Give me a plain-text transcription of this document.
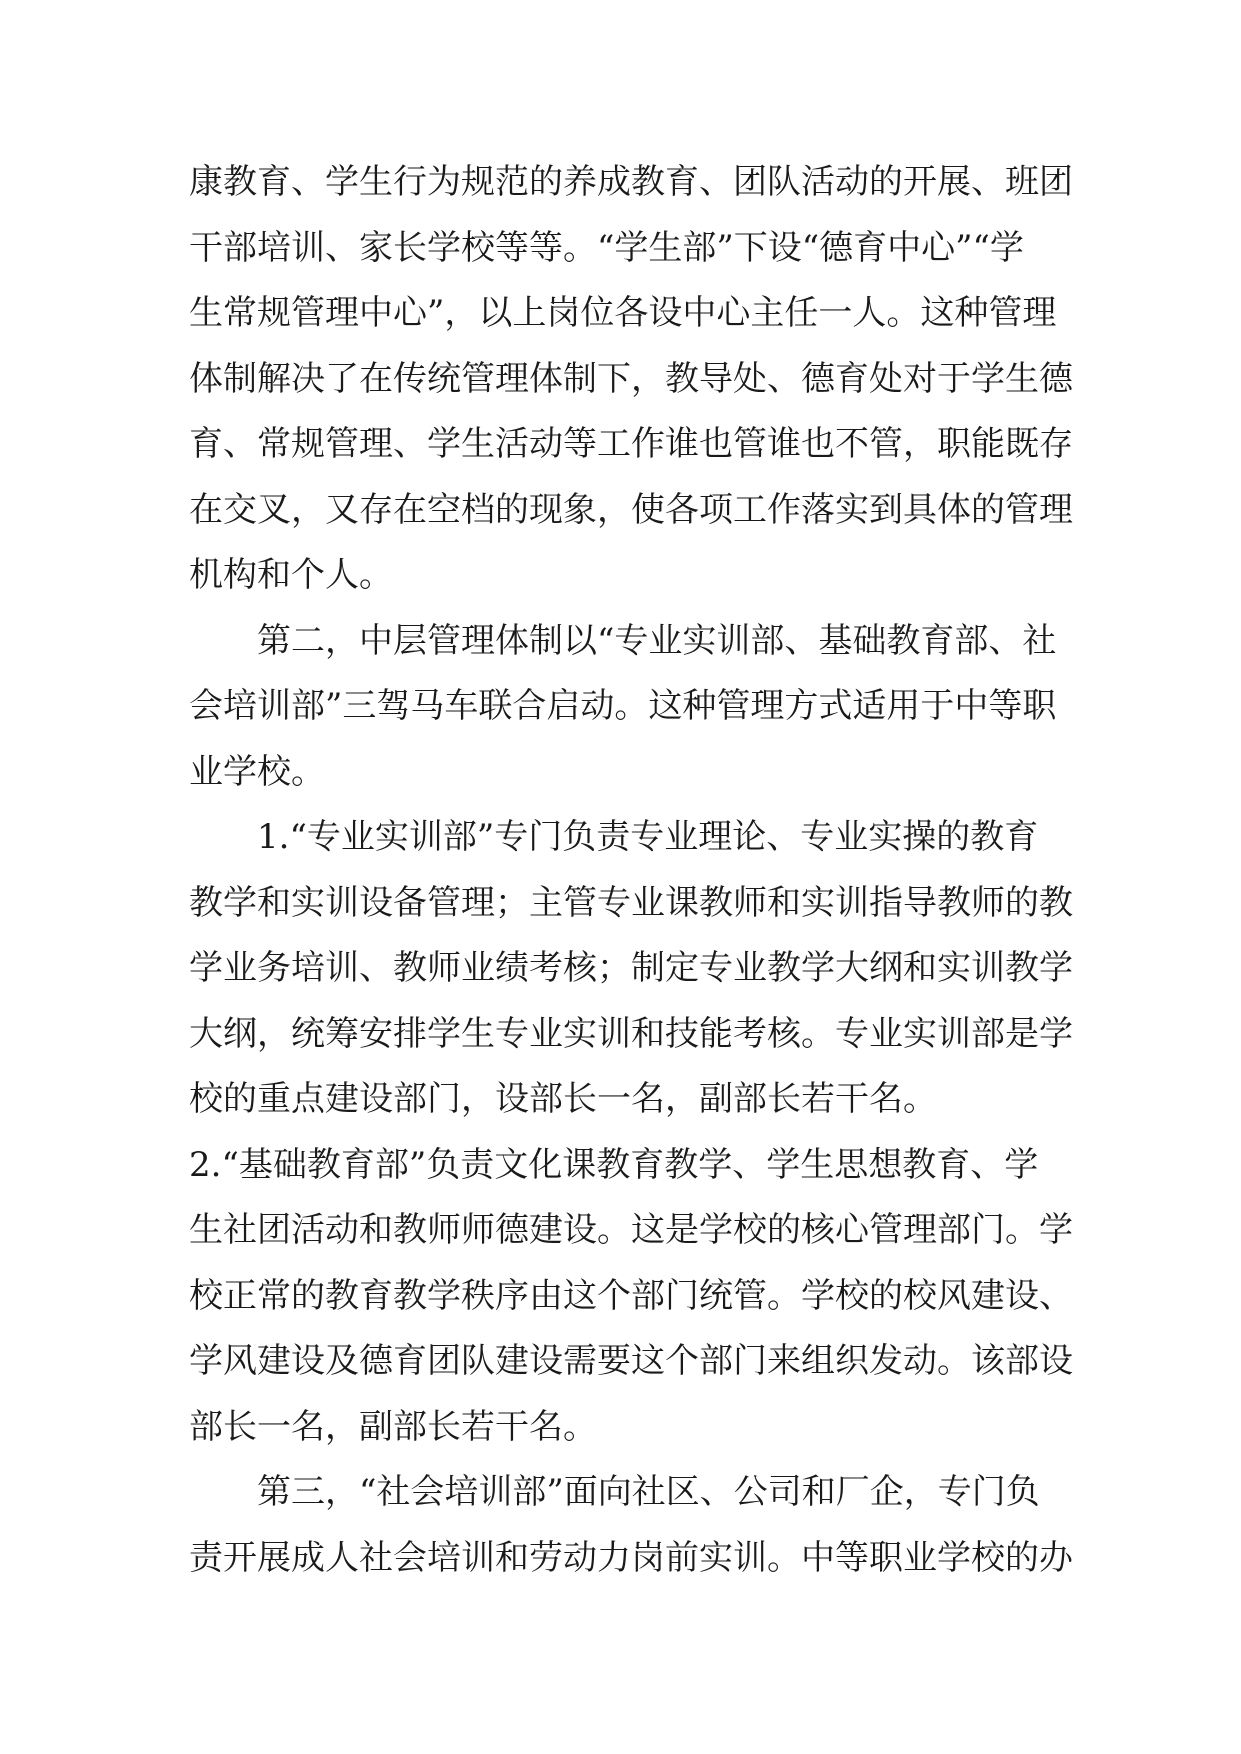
康教育、学生行为规范的养成教育、团队活动的开展、班团
干部培训、家长学校等等。“学生部”下设“德育中心”“学
生常规管理中心”，以上岗位各设中心主任一人。这种管理
体制解决了在传统管理体制下，教导处、德育处对于学生德
育、常规管理、学生活动等工作谁也管谁也不管，职能既存
在交叉，又存在空档的现象，使各项工作落实到具体的管理
机构和个人。
第二，中层管理体制以“专业实训部、基础教育部、社
会培训部”三驾马车联合启动。这种管理方式适用于中等职
业学校。
1.“专业实训部”专门负责专业理论、专业实操的教育
教学和实训设备管理；主管专业课教师和实训指导教师的教
学业务培训、教师业绩考核；制定专业教学大纲和实训教学
大纲，统筹安排学生专业实训和技能考核。专业实训部是学
校的重点建设部门，设部长一名，副部长若干名。
2.“基础教育部”负责文化课教育教学、学生思想教育、学
生社团活动和教师师德建设。这是学校的核心管理部门。学
校正常的教育教学秩序由这个部门统管。学校的校风建设、
学风建设及德育团队建设需要这个部门来组织发动。该部设
部长一名，副部长若干名。
第三，“社会培训部”面向社区、公司和厂企，专门负
责开展成人社会培训和劳动力岗前实训。中等职业学校的办
